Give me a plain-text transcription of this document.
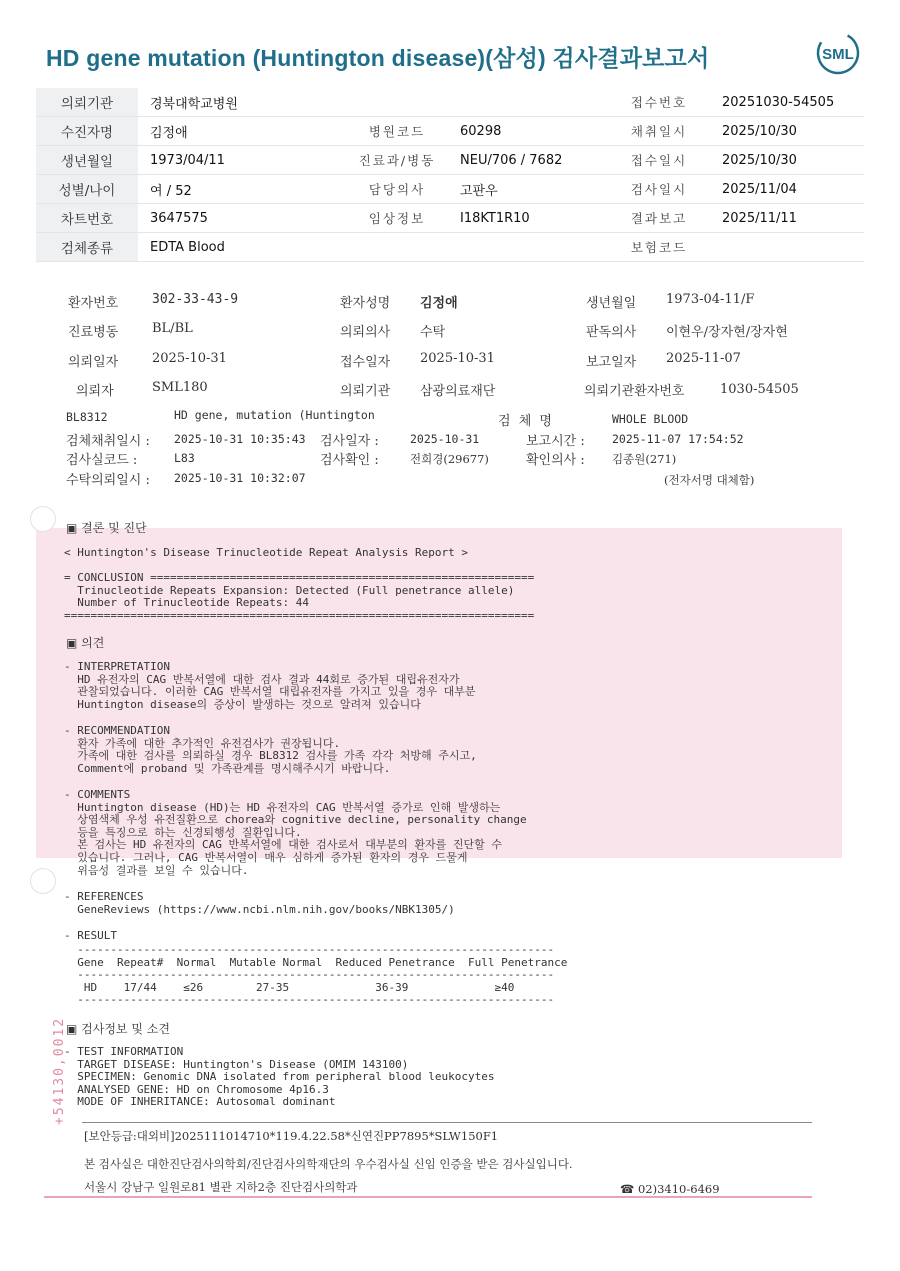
HD gene mutation (Huntington disease)(삼성) 검사결과보고서	SML
의뢰기관	경북대학교병원			접수번호	20251030-54505
수진자명	김정애	병원코드	60298	채취일시	2025/10/30
생년월일	1973/04/11	진료과/병동	NEU/706 / 7682	접수일시	2025/10/30
성별/나이	여 / 52	담당의사	고판우	검사일시	2025/11/04
차트번호	3647575	임상정보	I18KT1R10	결과보고	2025/11/11
검체종류	EDTA Blood			보험코드	
환자번호	302-33-43-9	환자성명 김정애	생년월일 1973-04-11/F
진료병동	BL/BL	의뢰의사 수탁	판독의사 이현우/장자현/장자현
의뢰일자	2025-10-31	접수일자 2025-10-31	보고일자 2025-11-07
의뢰자	SML180	의뢰기관 삼광의료재단	의뢰기관환자번호	1030-54505
BL8312	HD gene, mutation (Huntington	검 체 명	WHOLE BLOOD
검체채취일시 : 2025-10-31 10:35:43 검사일자 :	2025-10-31	보고시간 : 2025-11-07 17:54:52
검사실코드 :	L83	검사확인 :	전희경(29677)	확인의사 : 김종원(271)
수탁의뢰일시 : 2025-10-31 10:32:07	(전자서명 대체함)
▣ 결론 및 진단
< Huntington's Disease Trinucleotide Repeat Analysis Report >
= CONCLUSION ==========================================================
Trinucleotide Repeats Expansion: Detected (Full penetrance allele)
Number of Trinucleotide Repeats: 44
=======================================================================
▣ 의견
- INTERPRETATION
HD 유전자의 CAG 반복서열에 대한 검사 결과 44회로 증가된 대립유전자가
관찰되었습니다. 이러한 CAG 반복서열 대립유전자를 가지고 있을 경우 대부분
Huntington disease의 증상이 발생하는 것으로 알려져 있습니다
- RECOMMENDATION
환자 가족에 대한 추가적인 유전검사가 권장됩니다.
가족에 대한 검사를 의뢰하실 경우 BL8312 검사를 가족 각각 처방해 주시고,
Comment에 proband 및 가족관계를 명시해주시기 바랍니다.
- COMMENTS
Huntington disease (HD)는 HD 유전자의 CAG 반복서열 증가로 인해 발생하는
상염색체 우성 유전질환으로 chorea와 cognitive decline, personality change
등을 특징으로 하는 신경퇴행성 질환입니다.
본 검사는 HD 유전자의 CAG 반복서열에 대한 검사로서 대부분의 환자를 진단할 수
있습니다. 그러나, CAG 반복서열이 매우 심하게 증가된 환자의 경우 드물게
위음성 결과를 보일 수 있습니다.
- REFERENCES
GeneReviews (https://www.ncbi.nlm.nih.gov/books/NBK1305/)
- RESULT
------------------------------------------------------------------------
Gene  Repeat#  Normal  Mutable Normal  Reduced Penetrance  Full Penetrance
------------------------------------------------------------------------
HD    17/44    ≤26        27-35             36-39             ≥40
------------------------------------------------------------------------
▣ 검사정보 및 소견
- TEST INFORMATION
TARGET DISEASE: Huntington's Disease (OMIM 143100)
SPECIMEN: Genomic DNA isolated from peripheral blood leukocytes
ANALYSED GENE: HD on Chromosome 4p16.3
MODE OF INHERITANCE: Autosomal dominant
[보안등급:대외비]2025111014710*119.4.22.58*신연진PP7895*SLW150F1
본 검사실은 대한진단검사의학회/진단검사의학재단의 우수검사실 신임 인증을 받은 검사실입니다.
서울시 강남구 일원로81 별관 지하2층 진단검사의학과	☎ 02)3410-6469
+54130,0012
